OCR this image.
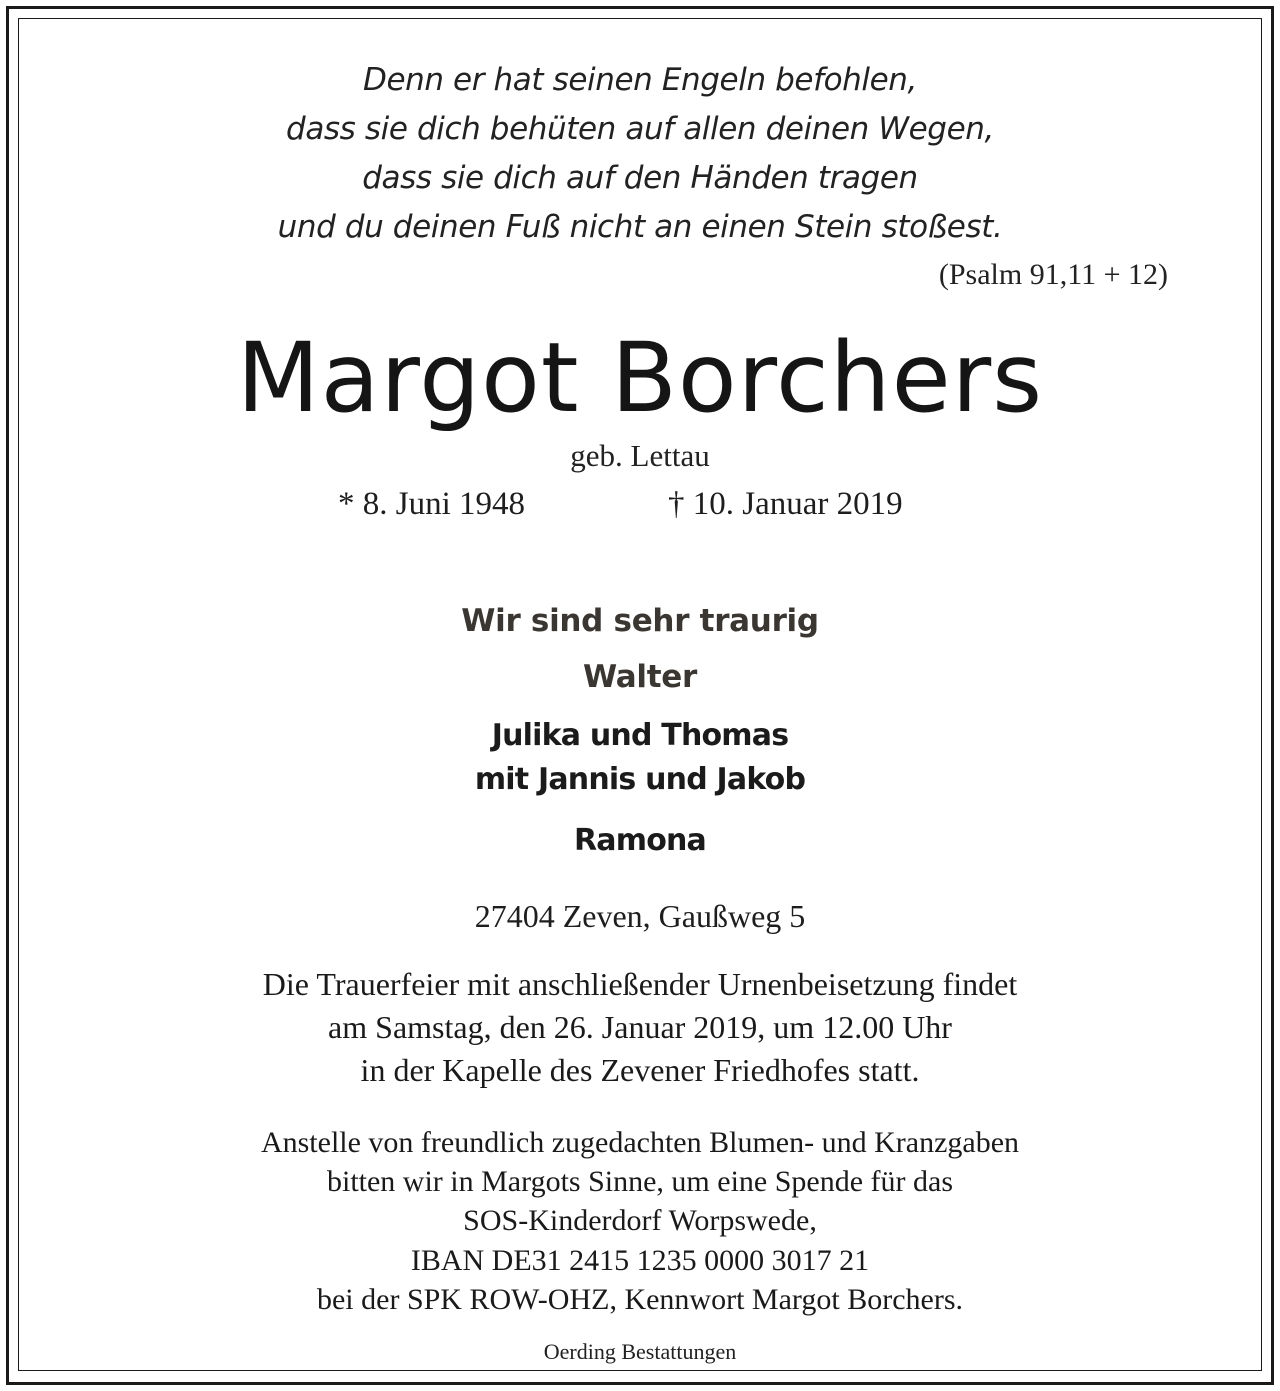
Denn er hat seinen Engeln befohlen,
dass sie dich behüten auf allen deinen Wegen,
dass sie dich auf den Händen tragen
und du deinen Fuß nicht an einen Stein stoßest.
(Psalm 91,11 + 12)
Margot Borchers
geb. Lettau
* 8. Juni 1948	† 10. Januar 2019
Wir sind sehr traurig
Walter
Julika und Thomas
mit Jannis und Jakob
Ramona
27404 Zeven, Gaußweg 5
Die Trauerfeier mit anschließender Urnenbeisetzung findet
am Samstag, den 26. Januar 2019, um 12.00 Uhr
in der Kapelle des Zevener Friedhofes statt.
Anstelle von freundlich zugedachten Blumen- und Kranzgaben
bitten wir in Margots Sinne, um eine Spende für das
SOS-Kinderdorf Worpswede,
IBAN DE31 2415 1235 0000 3017 21
bei der SPK ROW-OHZ, Kennwort Margot Borchers.
Oerding Bestattungen
